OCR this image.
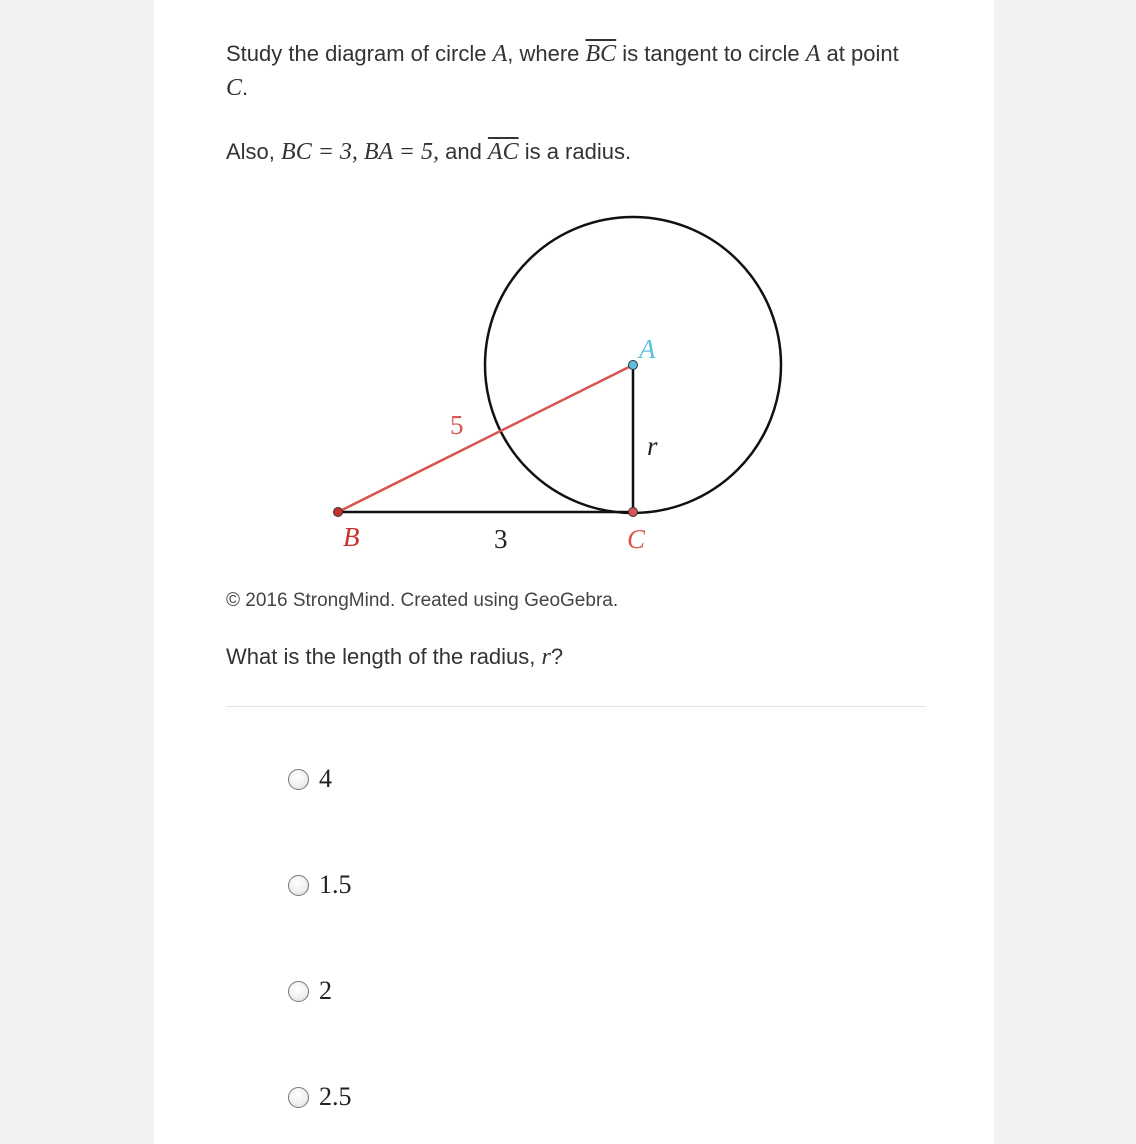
Study the diagram of circle A, where $\overline{BC}$ is tangent to circle A at point C.
Also, BC = 3, BA = 5, and $\overline{AC}$ is a radius.
A
B	C
5
3
r
© 2016 StrongMind. Created using GeoGebra.
What is the length of the radius, r?
4
1.5
2
2.5
